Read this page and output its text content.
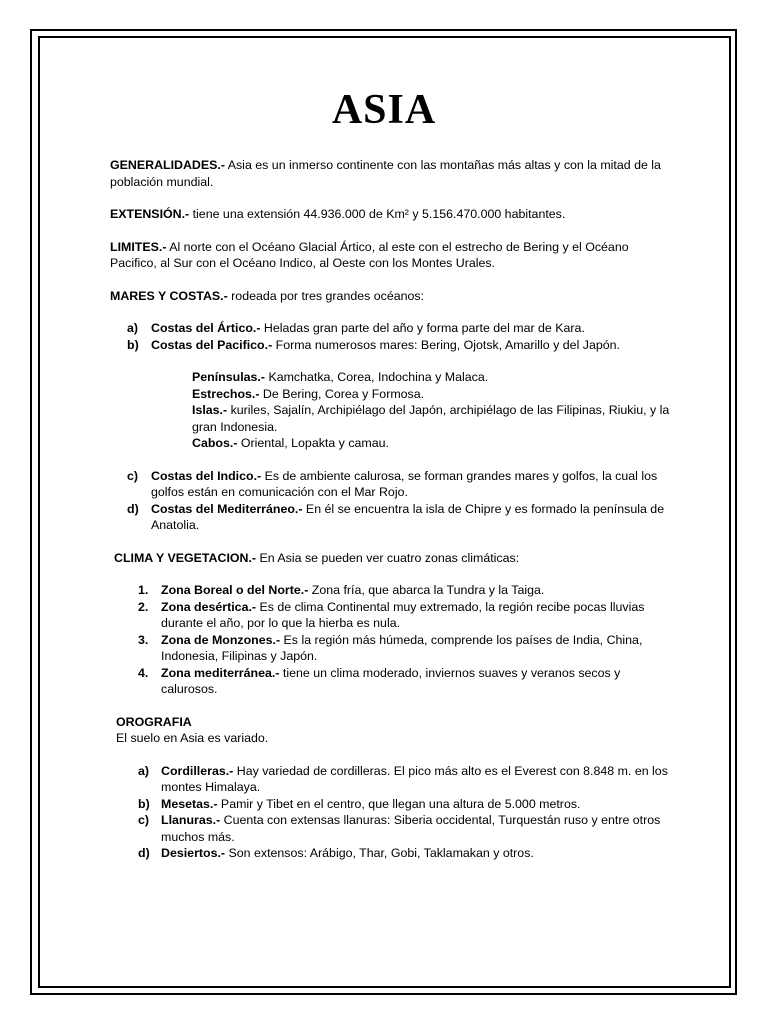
ASIA

GENERALIDADES.- Asia es un inmerso continente con las montañas más altas y con la mitad de la población mundial.

EXTENSIÓN.- tiene una extensión 44.936.000 de Km² y 5.156.470.000 habitantes.

LIMITES.- Al norte con el Océano Glacial Ártico, al este con el estrecho de Bering y el Océano Pacifico, al Sur con el Océano Indico, al Oeste con los Montes Urales.

MARES Y COSTAS.- rodeada por tres grandes océanos:

a) Costas del Ártico.- Heladas gran parte del año y forma parte del mar de Kara.
b) Costas del Pacifico.- Forma numerosos mares: Bering, Ojotsk, Amarillo y del Japón.

Penínsulas.- Kamchatka, Corea, Indochina y Malaca.

Estrechos.- De Bering, Corea y Formosa.

Islas.- kuriles, Sajalín, Archipiélago del Japón, archipiélago de las Filipinas, Riukiu, y la gran Indonesia.

Cabos.- Oriental, Lopakta y camau.

c) Costas del Indico.- Es de ambiente calurosa, se forman grandes mares y golfos, la cual los golfos están en comunicación con el Mar Rojo.
d) Costas del Mediterráneo.- En él se encuentra la isla de Chipre y es formado la península de Anatolia.

CLIMA Y VEGETACION.- En Asia se pueden ver cuatro zonas climáticas:

1. Zona Boreal o del Norte.- Zona fría, que abarca la Tundra y la Taiga.
2. Zona desértica.- Es de clima Continental muy extremado, la región recibe pocas lluvias durante el año, por lo que la hierba es nula.
3. Zona de Monzones.- Es la región más húmeda, comprende los países de India, China, Indonesia, Filipinas y Japón.
4. Zona mediterránea.- tiene un clima moderado, inviernos suaves y veranos secos y calurosos.

OROGRAFIA

El suelo en Asia es variado.

a) Cordilleras.- Hay variedad de cordilleras. El pico más alto es el Everest con 8.848 m. en los montes Himalaya.
b) Mesetas.- Pamir y Tibet en el centro, que llegan una altura de 5.000 metros.
c) Llanuras.- Cuenta con extensas llanuras: Siberia occidental, Turquestán ruso y entre otros muchos más.
d) Desiertos.- Son extensos: Arábigo, Thar, Gobi, Taklamakan y otros.
